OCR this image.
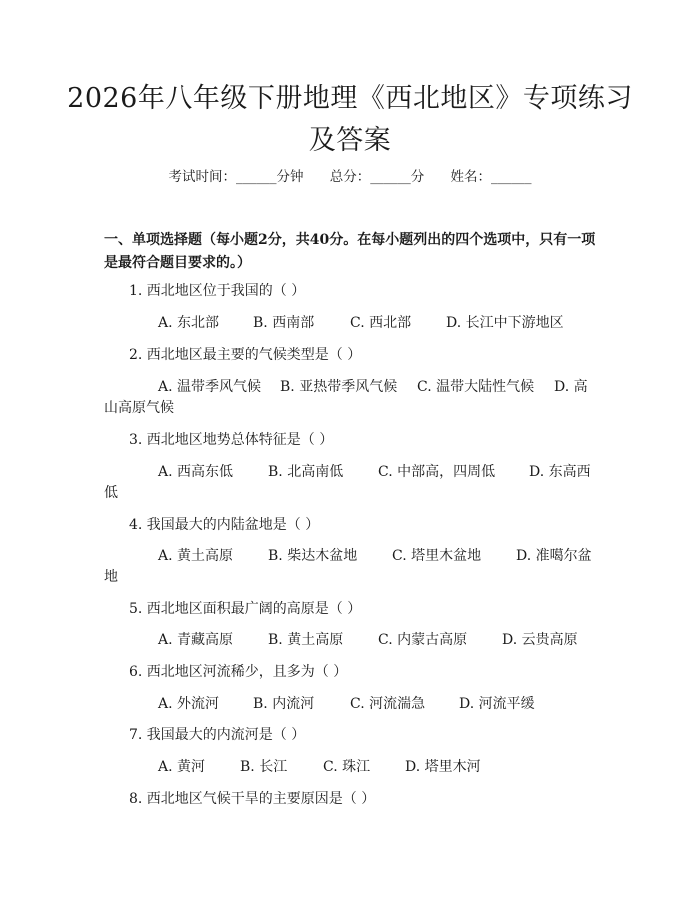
2026年八年级下册地理《西北地区》专项练习及答案
考试时间：______分钟 总分：______分 姓名：______
一、单项选择题（每小题2分，共40分。在每小题列出的四个选项中，只有一项是最符合题目要求的。）
1. 西北地区位于我国的（ ）
A. 东北部 B. 西南部	C. 西北部 D. 长江中下游地区
2. 西北地区最主要的气候类型是（ ）
A. 温带季风气候 B. 亚热带季风气候 C. 温带大陆性气候 D. 高
山高原气候
3. 西北地区地势总体特征是（ ）
A. 西高东低 B. 北高南低 C. 中部高，四周低 D. 东高西
低
4. 我国最大的内陆盆地是（ ）
A. 黄土高原 B. 柴达木盆地 C. 塔里木盆地 D. 准噶尔盆
地
5. 西北地区面积最广阔的高原是（ ）
A. 青藏高原 B. 黄土高原 C. 内蒙古高原 D. 云贵高原
6. 西北地区河流稀少，且多为（ ）
A. 外流河 B. 内流河	C. 河流湍急 D. 河流平缓
7. 我国最大的内流河是（ ）
A. 黄河 B. 长江	C. 珠江 D. 塔里木河
8. 西北地区气候干旱的主要原因是（ ）
